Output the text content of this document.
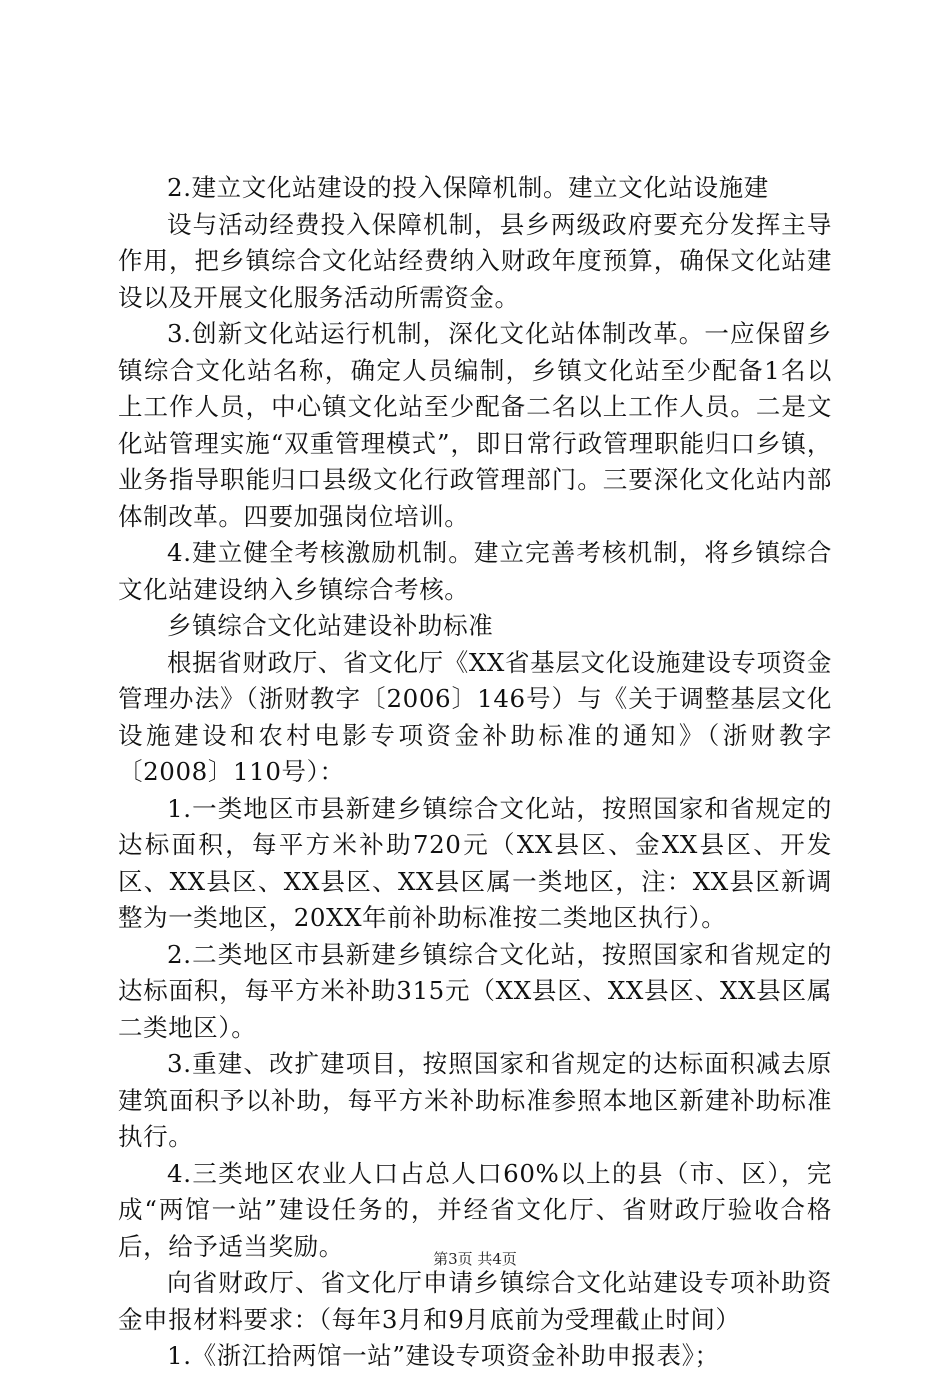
2.建立文化站建设的投入保障机制。建立文化站设施建

设与活动经费投入保障机制，县乡两级政府要充分发挥主导作用，把乡镇综合文化站经费纳入财政年度预算，确保文化站建设以及开展文化服务活动所需资金。

3.创新文化站运行机制，深化文化站体制改革。一应保留乡镇综合文化站名称，确定人员编制，乡镇文化站至少配备1名以上工作人员，中心镇文化站至少配备二名以上工作人员。二是文化站管理实施“双重管理模式”，即日常行政管理职能归口乡镇，业务指导职能归口县级文化行政管理部门。三要深化文化站内部体制改革。四要加强岗位培训。

4.建立健全考核激励机制。建立完善考核机制，将乡镇综合文化站建设纳入乡镇综合考核。

乡镇综合文化站建设补助标准

根据省财政厅、省文化厅《XX省基层文化设施建设专项资金管理办法》（浙财教字〔2006〕146号）与《关于调整基层文化设施建设和农村电影专项资金补助标准的通知》（浙财教字〔2008〕110号）：

1.一类地区市县新建乡镇综合文化站，按照国家和省规定的达标面积，每平方米补助720元（XX县区、金XX县区、开发区、XX县区、XX县区、XX县区属一类地区，注：XX县区新调整为一类地区，20XX年前补助标准按二类地区执行）。

2.二类地区市县新建乡镇综合文化站，按照国家和省规定的达标面积，每平方米补助315元（XX县区、XX县区、XX县区属二类地区）。

3.重建、改扩建项目，按照国家和省规定的达标面积减去原建筑面积予以补助，每平方米补助标准参照本地区新建补助标准执行。

4.三类地区农业人口占总人口60%以上的县（市、区），完成“两馆一站”建设任务的，并经省文化厅、省财政厅验收合格后，给予适当奖励。

向省财政厅、省文化厅申请乡镇综合文化站建设专项补助资金申报材料要求：（每年3月和9月底前为受理截止时间）

1.《浙江拾两馆一站”建设专项资金补助申报表》；

第3页 共4页
